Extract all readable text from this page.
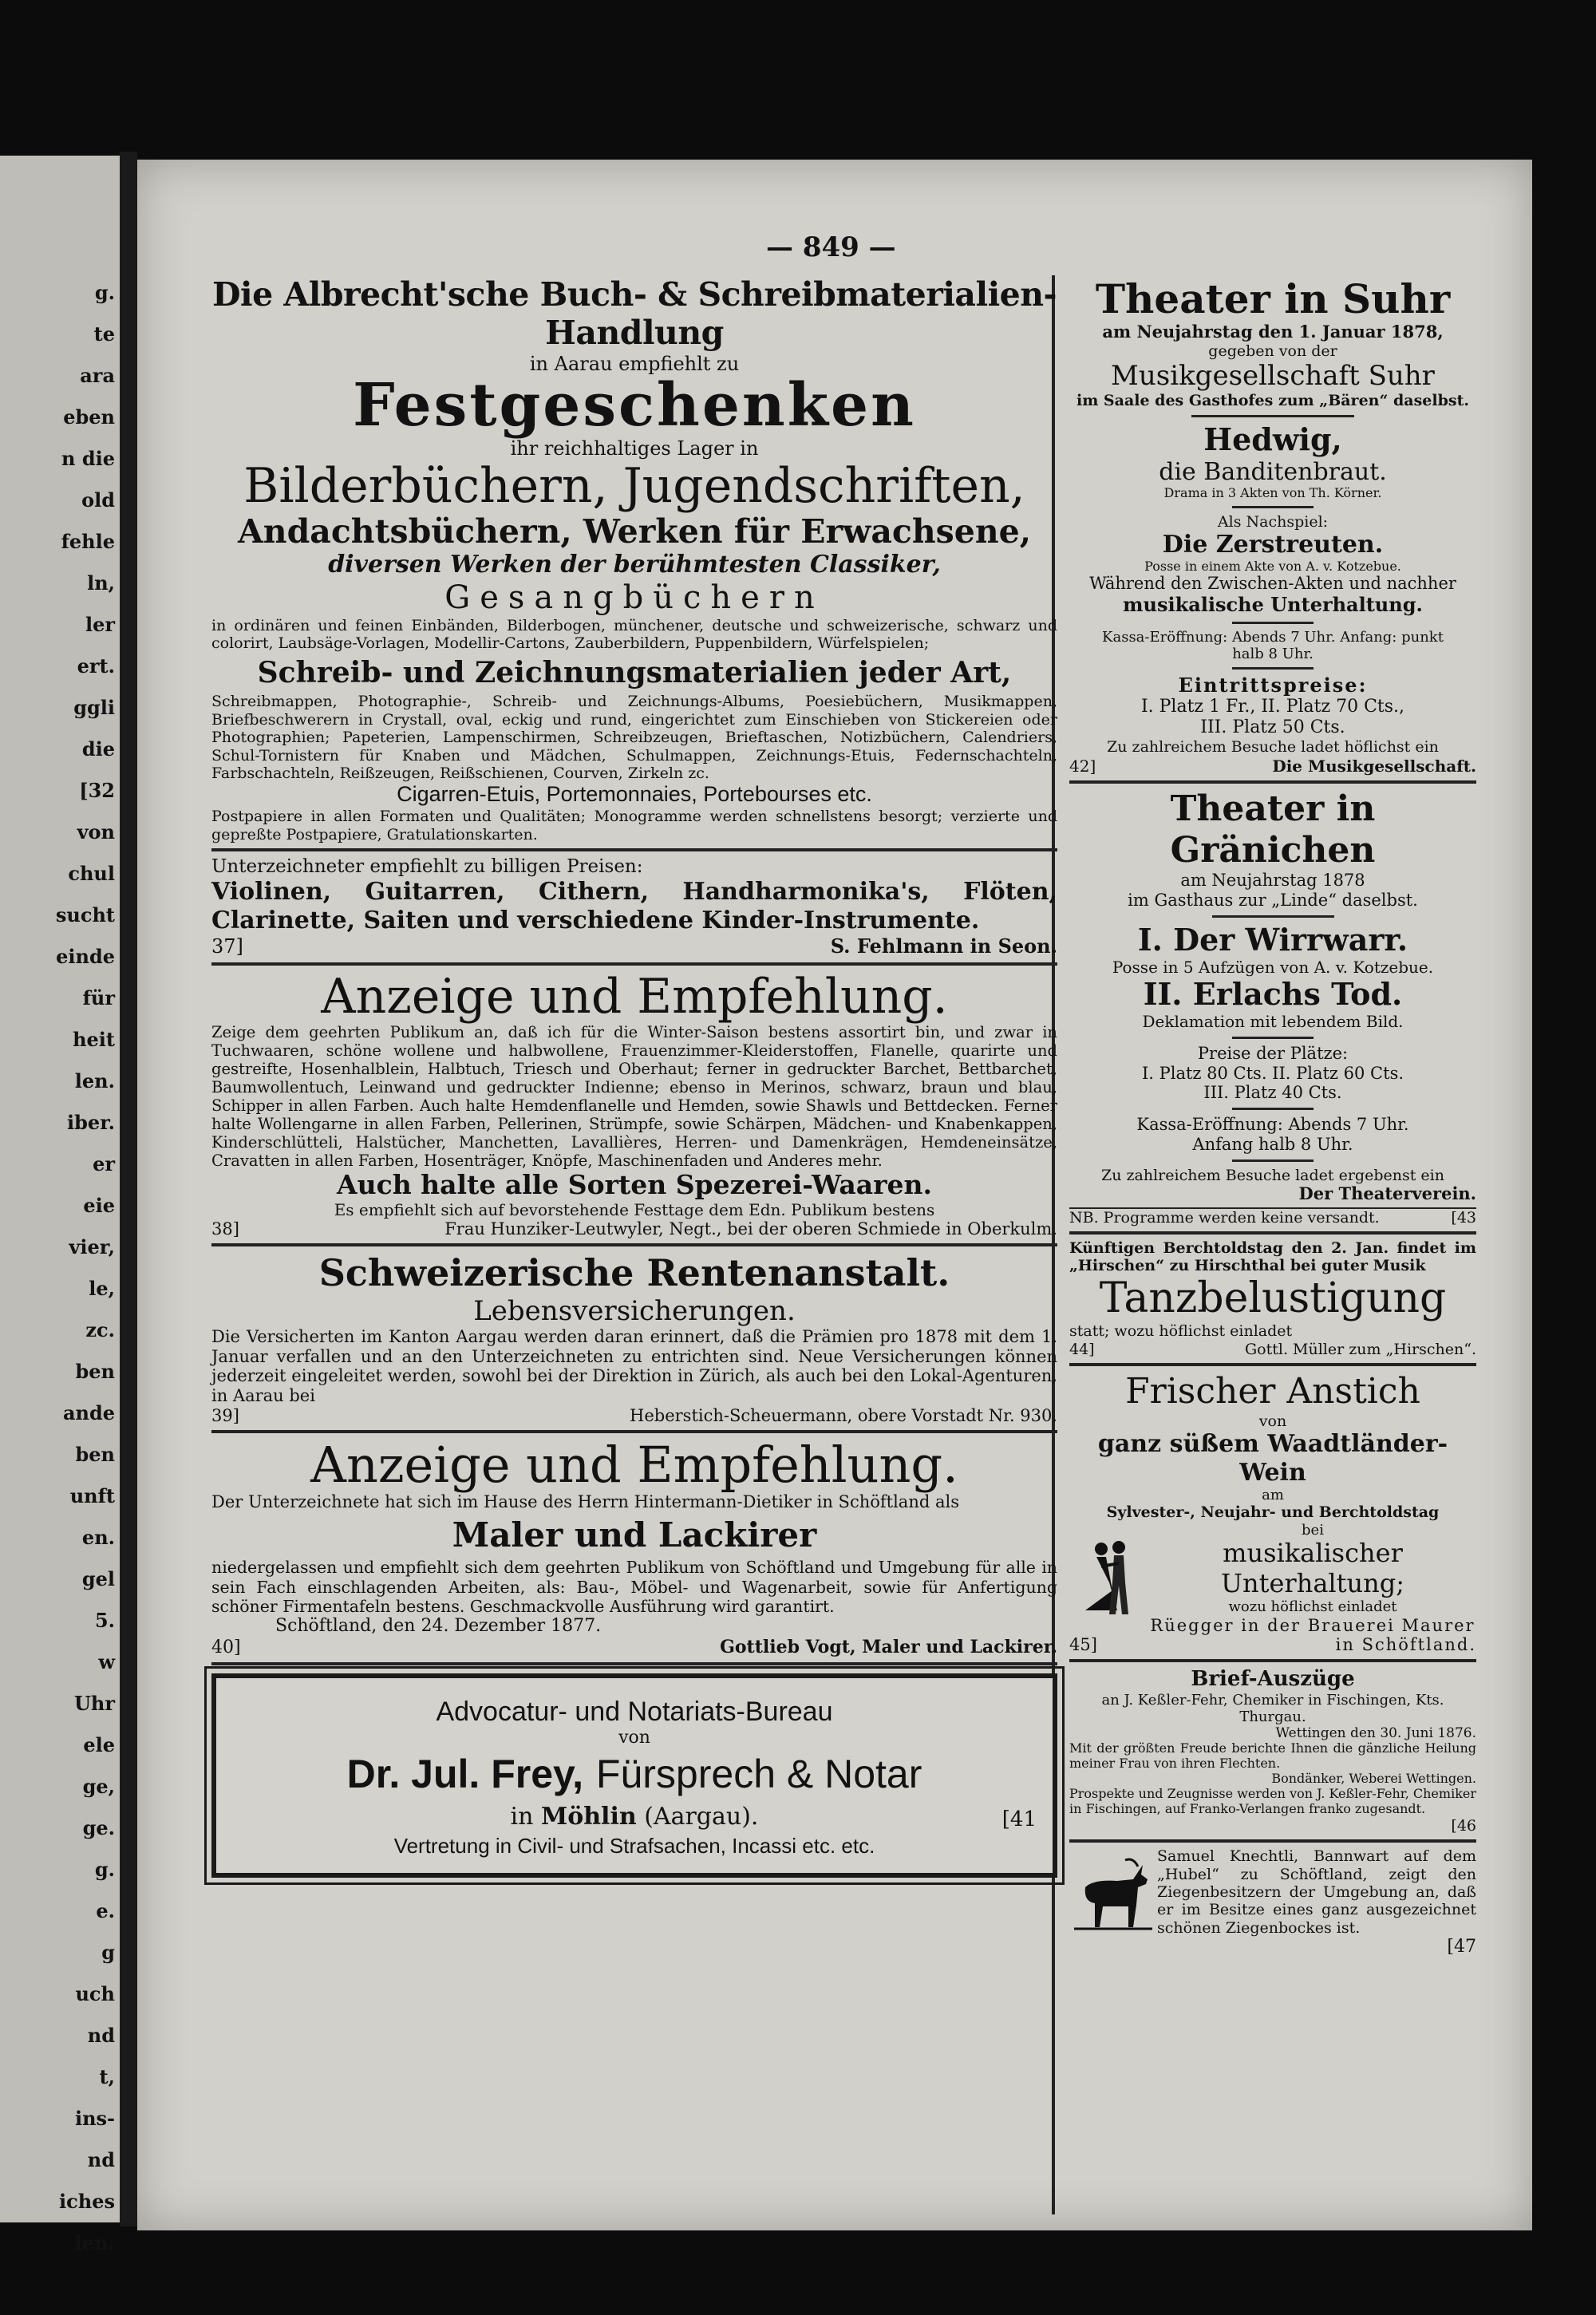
g.
te
ara
eben
n die
old
fehle
ln,
ler
ert.
ggli
die
[32
von
chul
sucht
einde
für
heit
len.
iber.
er
eie
vier,
le,
zc.
ben
ande
ben
unft
en.
gel
5.
w
Uhr
ele
ge,
ge.
g.
e.
g
uch
nd
t,
ins-
nd
iches
ien.
— 849 —
Die Albrecht'sche Buch- & Schreibmaterialien-Handlung
in Aarau empfiehlt zu
Festgeschenken
ihr reichhaltiges Lager in
Bilderbüchern, Jugendschriften,
Andachtsbüchern, Werken für Erwachsene,
diversen Werken der berühmtesten Classiker,
Gesangbüchern
in ordinären und feinen Einbänden, Bilderbogen, münchener, deutsche und schweizerische, schwarz und colorirt, Laubsäge-Vorlagen, Modellir-Cartons, Zauberbildern, Puppenbildern, Würfelspielen;
Schreib- und Zeichnungsmaterialien jeder Art,
Schreibmappen, Photographie-, Schreib- und Zeichnungs-Albums, Poesiebüchern, Musikmappen, Briefbeschwerern in Crystall, oval, eckig und rund, eingerichtet zum Einschieben von Stickereien oder Photographien; Papeterien, Lampenschirmen, Schreibzeugen, Brieftaschen, Notizbüchern, Calendriers, Schul-Tornistern für Knaben und Mädchen, Schulmappen, Zeichnungs-Etuis, Federnschachteln, Farbschachteln, Reißzeugen, Reißschienen, Courven, Zirkeln zc.
Cigarren-Etuis, Portemonnaies, Portebourses etc.
Postpapiere in allen Formaten und Qualitäten; Monogramme werden schnellstens besorgt; verzierte und gepreßte Postpapiere, Gratulationskarten.
Unterzeichneter empfiehlt zu billigen Preisen:
Violinen, Guitarren, Cithern, Handharmonika's, Flöten, Clarinette, Saiten und verschiedene Kinder-Instrumente.
37]	S. Fehlmann in Seon.
Anzeige und Empfehlung.
Zeige dem geehrten Publikum an, daß ich für die Winter-Saison bestens assortirt bin, und zwar in Tuchwaaren, schöne wollene und halbwollene, Frauenzimmer-Kleiderstoffen, Flanelle, quarirte und gestreifte, Hosenhalblein, Halbtuch, Triesch und Oberhaut; ferner in gedruckter Barchet, Bettbarchet, Baumwollentuch, Leinwand und gedruckter Indienne; ebenso in Merinos, schwarz, braun und blau, Schipper in allen Farben. Auch halte Hemdenflanelle und Hemden, sowie Shawls und Bettdecken. Ferner halte Wollengarne in allen Farben, Pellerinen, Strümpfe, sowie Schärpen, Mädchen- und Knabenkappen, Kinderschlütteli, Halstücher, Manchetten, Lavallières, Herren- und Damenkrägen, Hemdeneinsätze, Cravatten in allen Farben, Hosenträger, Knöpfe, Maschinenfaden und Anderes mehr.
Auch halte alle Sorten Spezerei-Waaren.
Es empfiehlt sich auf bevorstehende Festtage dem Edn. Publikum bestens
38]	Frau Hunziker-Leutwyler, Negt., bei der oberen Schmiede in Oberkulm.
Schweizerische Rentenanstalt.
Lebensversicherungen.
Die Versicherten im Kanton Aargau werden daran erinnert, daß die Prämien pro 1878 mit dem 1. Januar verfallen und an den Unterzeichneten zu entrichten sind. Neue Versicherungen können jederzeit eingeleitet werden, sowohl bei der Direktion in Zürich, als auch bei den Lokal-Agenturen, in Aarau bei
39]	Heberstich-Scheuermann, obere Vorstadt Nr. 930.
Anzeige und Empfehlung.
Der Unterzeichnete hat sich im Hause des Herrn Hintermann-Dietiker in Schöftland als
Maler und Lackirer
niedergelassen und empfiehlt sich dem geehrten Publikum von Schöftland und Umgebung für alle in sein Fach einschlagenden Arbeiten, als: Bau-, Möbel- und Wagenarbeit, sowie für Anfertigung schöner Firmentafeln bestens. Geschmackvolle Ausführung wird garantirt.
Schöftland, den 24. Dezember 1877.
40]	Gottlieb Vogt, Maler und Lackirer.
Advocatur- und Notariats-Bureau
von
Dr. Jul. Frey, Fürsprech & Notar
in Möhlin (Aargau).	[41
Vertretung in Civil- und Strafsachen, Incassi etc. etc.
Theater in Suhr
am Neujahrstag den 1. Januar 1878,
gegeben von der
Musikgesellschaft Suhr
im Saale des Gasthofes zum „Bären“ daselbst.
Hedwig,
die Banditenbraut.
Drama in 3 Akten von Th. Körner.
Als Nachspiel:
Die Zerstreuten.
Posse in einem Akte von A. v. Kotzebue.
Während den Zwischen-Akten und nachher
musikalische Unterhaltung.
Kassa-Eröffnung: Abends 7 Uhr. Anfang: punkt halb 8 Uhr.
Eintrittspreise:
I. Platz 1 Fr., II. Platz 70 Cts.,
III. Platz 50 Cts.
Zu zahlreichem Besuche ladet höflichst ein
42]	Die Musikgesellschaft.
Theater in Gränichen
am Neujahrstag 1878
im Gasthaus zur „Linde“ daselbst.
I. Der Wirrwarr.
Posse in 5 Aufzügen von A. v. Kotzebue.
II. Erlachs Tod.
Deklamation mit lebendem Bild.
Preise der Plätze:
I. Platz 80 Cts. II. Platz 60 Cts.
III. Platz 40 Cts.
Kassa-Eröffnung: Abends 7 Uhr.
Anfang halb 8 Uhr.
Zu zahlreichem Besuche ladet ergebenst ein
Der Theaterverein.
NB. Programme werden keine versandt.	[43
Künftigen Berchtoldstag den 2. Jan. findet im „Hirschen“ zu Hirschthal bei guter Musik
Tanzbelustigung
statt; wozu höflichst einladet
44]	Gottl. Müller zum „Hirschen“.
Frischer Anstich
von
ganz süßem Waadtländer-Wein
am
Sylvester-, Neujahr- und Berchtoldstag
bei
musikalischer Unterhaltung;
wozu höflichst einladet
Rüegger in der Brauerei Maurer
45]	in Schöftland.
Brief-Auszüge
an J. Keßler-Fehr, Chemiker in Fischingen, Kts. Thurgau.
Wettingen den 30. Juni 1876.
Mit der größten Freude berichte Ihnen die gänzliche Heilung meiner Frau von ihren Flechten.
Bondänker, Weberei Wettingen.
Prospekte und Zeugnisse werden von J. Keßler-Fehr, Chemiker in Fischingen, auf Franko-Verlangen franko zugesandt.
[46
Samuel Knechtli, Bannwart auf dem „Hubel“ zu Schöftland, zeigt den Ziegenbesitzern der Umgebung an, daß er im Besitze eines ganz ausgezeichnet schönen Ziegenbockes ist.
[47
